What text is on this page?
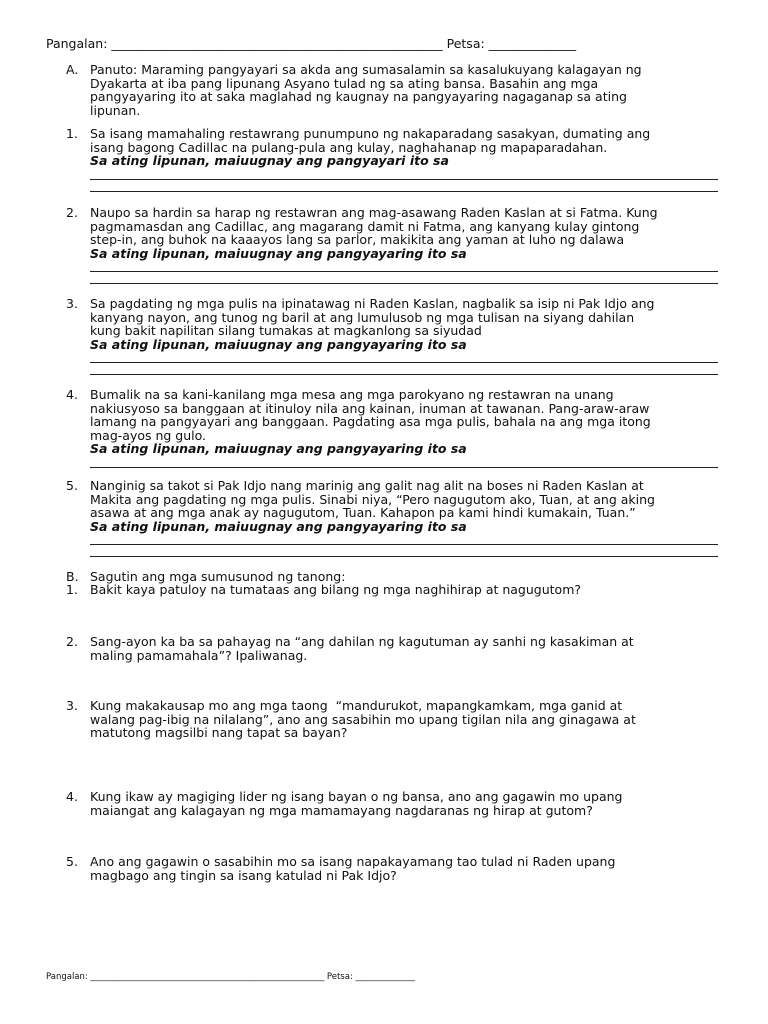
Pangalan: _____________________________________________________ Petsa: ______________
A. Panuto: Maraming pangyayari sa akda ang sumasalamin sa kasalukuyang kalagayan ng
Dyakarta at iba pang lipunang Asyano tulad ng sa ating bansa. Basahin ang mga
pangyayaring ito at saka maglahad ng kaugnay na pangyayaring nagaganap sa ating
lipunan.
1. Sa isang mamahaling restawrang punumpuno ng nakaparadang sasakyan, dumating ang
isang bagong Cadillac na pulang-pula ang kulay, naghahanap ng mapaparadahan.
Sa ating lipunan, maiuugnay ang pangyayari ito sa
2. Naupo sa hardin sa harap ng restawran ang mag-asawang Raden Kaslan at si Fatma. Kung
pagmamasdan ang Cadillac, ang magarang damit ni Fatma, ang kanyang kulay gintong
step-in, ang buhok na kaaayos lang sa parlor, makikita ang yaman at luho ng dalawa
Sa ating lipunan, maiuugnay ang pangyayaring ito sa
3. Sa pagdating ng mga pulis na ipinatawag ni Raden Kaslan, nagbalik sa isip ni Pak Idjo ang
kanyang nayon, ang tunog ng baril at ang lumulusob ng mga tulisan na siyang dahilan
kung bakit napilitan silang tumakas at magkanlong sa siyudad
Sa ating lipunan, maiuugnay ang pangyayaring ito sa
4. Bumalik na sa kani-kanilang mga mesa ang mga parokyano ng restawran na unang
nakiusyoso sa banggaan at itinuloy nila ang kainan, inuman at tawanan. Pang-araw-araw
lamang na pangyayari ang banggaan. Pagdating asa mga pulis, bahala na ang mga itong
mag-ayos ng gulo.
Sa ating lipunan, maiuugnay ang pangyayaring ito sa
5. Nanginig sa takot si Pak Idjo nang marinig ang galit nag alit na boses ni Raden Kaslan at
Makita ang pagdating ng mga pulis. Sinabi niya, “Pero nagugutom ako, Tuan, at ang aking
asawa at ang mga anak ay nagugutom, Tuan. Kahapon pa kami hindi kumakain, Tuan.”
Sa ating lipunan, maiuugnay ang pangyayaring ito sa
B. Sagutin ang mga sumusunod ng tanong:
1. Bakit kaya patuloy na tumataas ang bilang ng mga naghihirap at nagugutom?
2. Sang-ayon ka ba sa pahayag na “ang dahilan ng kagutuman ay sanhi ng kasakiman at
maling pamamahala”? Ipaliwanag.
3. Kung makakausap mo ang mga taong  “mandurukot, mapangkamkam, mga ganid at
walang pag-ibig na nilalang”, ano ang sasabihin mo upang tigilan nila ang ginagawa at
matutong magsilbi nang tapat sa bayan?
4. Kung ikaw ay magiging lider ng isang bayan o ng bansa, ano ang gagawin mo upang
maiangat ang kalagayan ng mga mamamayang nagdaranas ng hirap at gutom?
5. Ano ang gagawin o sasabihin mo sa isang napakayamang tao tulad ni Raden upang
magbago ang tingin sa isang katulad ni Pak Idjo?
Pangalan: _______________________________________________________ Petsa: ______________
